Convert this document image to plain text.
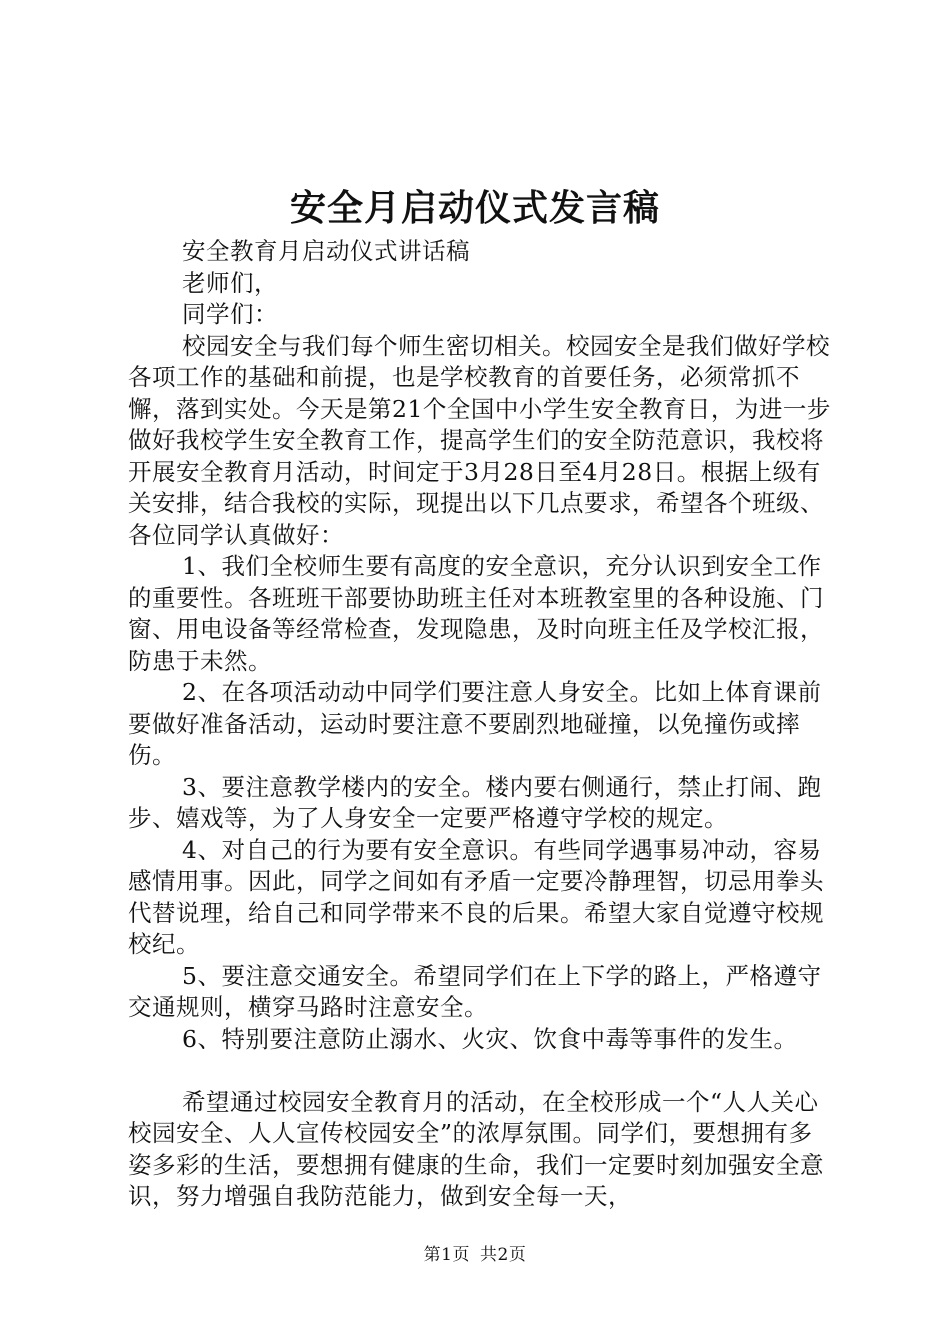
安全月启动仪式发言稿

安全教育月启动仪式讲话稿

老师们，

同学们：

校园安全与我们每个师生密切相关。校园安全是我们做好学校各项工作的基础和前提，也是学校教育的首要任务，必须常抓不懈，落到实处。今天是第21个全国中小学生安全教育日，为进一步做好我校学生安全教育工作，提高学生们的安全防范意识，我校将开展安全教育月活动，时间定于3月28日至4月28日。根据上级有关安排，结合我校的实际，现提出以下几点要求，希望各个班级、各位同学认真做好：

1、我们全校师生要有高度的安全意识，充分认识到安全工作的重要性。各班班干部要协助班主任对本班教室里的各种设施、门窗、用电设备等经常检查，发现隐患，及时向班主任及学校汇报，防患于未然。

2、在各项活动动中同学们要注意人身安全。比如上体育课前要做好准备活动，运动时要注意不要剧烈地碰撞，以免撞伤或摔伤。

3、要注意教学楼内的安全。楼内要右侧通行，禁止打闹、跑步、嬉戏等，为了人身安全一定要严格遵守学校的规定。

4、对自己的行为要有安全意识。有些同学遇事易冲动，容易感情用事。因此，同学之间如有矛盾一定要冷静理智，切忌用拳头代替说理，给自己和同学带来不良的后果。希望大家自觉遵守校规校纪。

5、要注意交通安全。希望同学们在上下学的路上，严格遵守交通规则，横穿马路时注意安全。

6、特别要注意防止溺水、火灾、饮食中毒等事件的发生。

希望通过校园安全教育月的活动，在全校形成一个“人人关心校园安全、人人宣传校园安全”的浓厚氛围。同学们，要想拥有多姿多彩的生活，要想拥有健康的生命，我们一定要时刻加强安全意识，努力增强自我防范能力，做到安全每一天，

第1页 共2页
